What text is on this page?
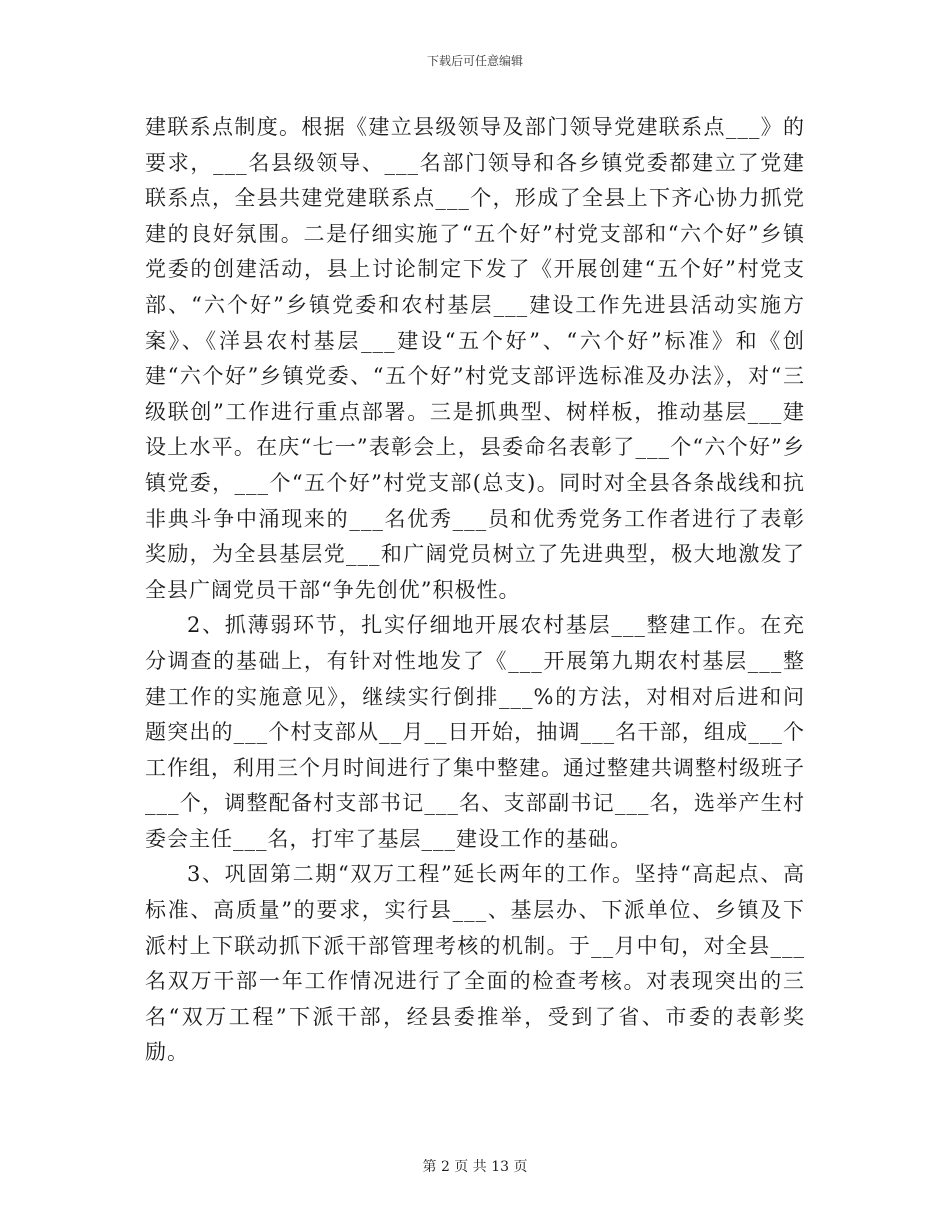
下载后可任意编辑

建联系点制度。根据《建立县级领导及部门领导党建联系点___》的要求，___名县级领导、___名部门领导和各乡镇党委都建立了党建联系点，全县共建党建联系点___个，形成了全县上下齐心协力抓党建的良好氛围。二是仔细实施了“五个好”村党支部和“六个好”乡镇党委的创建活动，县上讨论制定下发了《开展创建“五个好”村党支部、“六个好”乡镇党委和农村基层___建设工作先进县活动实施方案》、《洋县农村基层___建设“五个好”、“六个好”标准》和《创建“六个好”乡镇党委、“五个好”村党支部评选标准及办法》，对“三级联创”工作进行重点部署。三是抓典型、树样板，推动基层___建设上水平。在庆“七一”表彰会上，县委命名表彰了___个“六个好”乡镇党委，___个“五个好”村党支部(总支)。同时对全县各条战线和抗非典斗争中涌现来的___名优秀___员和优秀党务工作者进行了表彰奖励，为全县基层党___和广阔党员树立了先进典型，极大地激发了全县广阔党员干部“争先创优”积极性。

2、抓薄弱环节，扎实仔细地开展农村基层___整建工作。在充分调查的基础上，有针对性地发了《___开展第九期农村基层___整建工作的实施意见》，继续实行倒排___%的方法，对相对后进和问题突出的___个村支部从__月__日开始，抽调___名干部，组成___个工作组，利用三个月时间进行了集中整建。通过整建共调整村级班子___个，调整配备村支部书记___名、支部副书记___名，选举产生村委会主任___名，打牢了基层___建设工作的基础。

3、巩固第二期“双万工程”延长两年的工作。坚持“高起点、高标准、高质量”的要求，实行县___、基层办、下派单位、乡镇及下派村上下联动抓下派干部管理考核的机制。于__月中旬，对全县___名双万干部一年工作情况进行了全面的检查考核。对表现突出的三名“双万工程”下派干部，经县委推举，受到了省、市委的表彰奖励。

第 2 页 共 13 页
